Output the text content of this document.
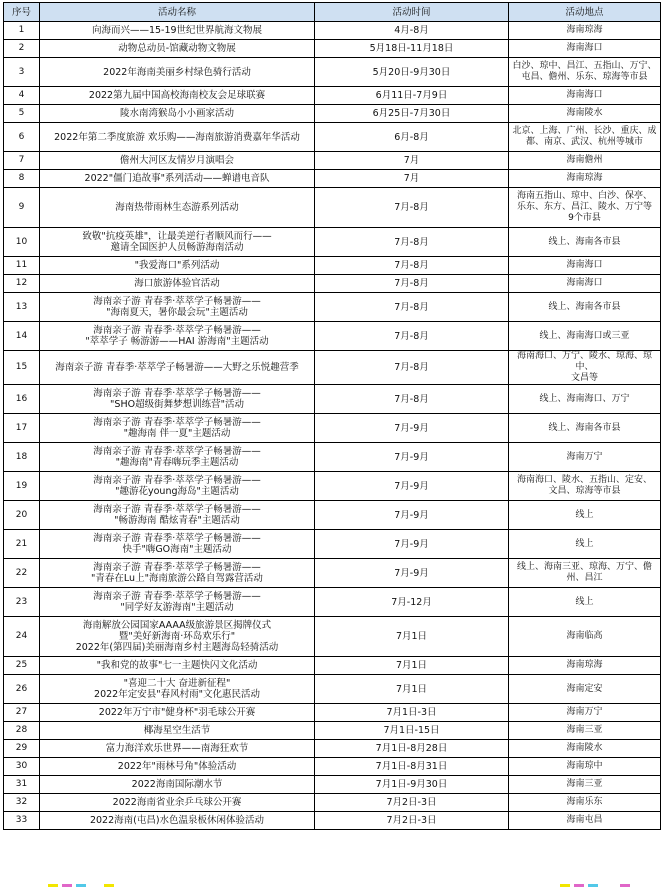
序号	活动名称	活动时间	活动地点
1	向海而兴——15-19世纪世界航海文物展	4月-8月	海南琼海

2	动物总动员-馆藏动物文物展	5月18日-11月18日	海南海口

3	2022年海南美丽乡村绿色骑行活动	5月20日-9月30日	白沙、琼中、昌江、五指山、万宁、
屯昌、儋州、乐东、琼海等市县

4	2022第九届中国高校海南校友会足球联赛	6月11日-7月9日	海南海口

5	陵水南湾猴岛小小画家活动	6月25日-7月30日	海南陵水

6	2022年第二季度旅游 欢乐购——海南旅游消费嘉年华活动	6月-8月	北京、上海、广州、长沙、重庆、成
都、南京、武汉、杭州等城市

7	儋州大河区友情岁月演唱会	7月	海南儋州

8	2022"僵门追故事"系列活动——蝉谱电音队	7月	海南琼海

9	海南热带雨林生态游系列活动	7月-8月	海南五指山、琼中、白沙、保亭、
乐东、东方、昌江、陵水、万宁等
9个市县

10	致敬"抗疫英雄"，让最美逆行者顺风而行——
邀请全国医护人员畅游海南活动	7月-8月	线上、海南各市县

11	"我爱海口"系列活动	7月-8月	海南海口

12	海口旅游体验官活动	7月-8月	海南海口

13	海南亲子游 青春季·萃萃学子畅暑游——
"海南夏天，暑你最会玩"主题活动	7月-8月	线上、海南各市县

14	海南亲子游 青春季·萃萃学子畅暑游——
"萃萃学子 畅游游——HAI 游海南"主题活动	7月-8月	线上、海南海口或三亚

15	海南亲子游 青春季·萃萃学子畅暑游——大野之乐悦趣营季	7月-8月	海南海口、万宁、陵水、琼海、琼中、
文昌等

16	海南亲子游 青春季·萃萃学子畅暑游——
"SHO超级街舞梦想训练营"活动	7月-8月	线上、海南海口、万宁

17	海南亲子游 青春季·萃萃学子畅暑游——
"趣海南 伴一夏"主题活动	7月-9月	线上、海南各市县

18	海南亲子游 青春季·萃萃学子畅暑游——
"趣海南"青春嗨玩季主题活动	7月-9月	海南万宁

19	海南亲子游 青春季·萃萃学子畅暑游——
"趣游花young海岛"主题活动	7月-9月	海南海口、陵水、五指山、定安、
文昌、琼海等市县

20	海南亲子游 青春季·萃萃学子畅暑游——
"畅游海南 酷炫青春"主题活动	7月-9月	线上

21	海南亲子游 青春季·萃萃学子畅暑游——
快手"嗨GO海南"主题活动	7月-9月	线上

22	海南亲子游 青春季·萃萃学子畅暑游——
"青春在Lu上"海南旅游公路自驾露营活动	7月-9月	线上、海南三亚、琼海、万宁、儋
州、昌江

23	海南亲子游 青春季·萃萃学子畅暑游——
"同学好友游海南"主题活动	7月-12月	线上

24	海南解放公园国家AAAA级旅游景区揭牌仪式
暨"美好新海南·环岛欢乐行"
2022年(第四届)美丽海南乡村主题海岛轻骑活动	7月1日	海南临高

25	"我和党的故事"七一主题快闪文化活动	7月1日	海南琼海

26	"喜迎二十大 奋进新征程"
2022年定安县"春风村雨"文化惠民活动	7月1日	海南定安

27	2022年万宁市"健身杯"羽毛球公开赛	7月1日-3日	海南万宁

28	椰海星空生活节	7月1日-15日	海南三亚

29	富力海洋欢乐世界——南海狂欢节	7月1日-8月28日	海南陵水

30	2022年"雨林号角"体验活动	7月1日-8月31日	海南琼中

31	2022海南国际潮水节	7月1日-9月30日	海南三亚

32	2022海南省业余乒乓球公开赛	7月2日-3日	海南乐东

33	2022海南(屯昌)水色温泉板休闲体验活动	7月2日-3日	海南屯昌
